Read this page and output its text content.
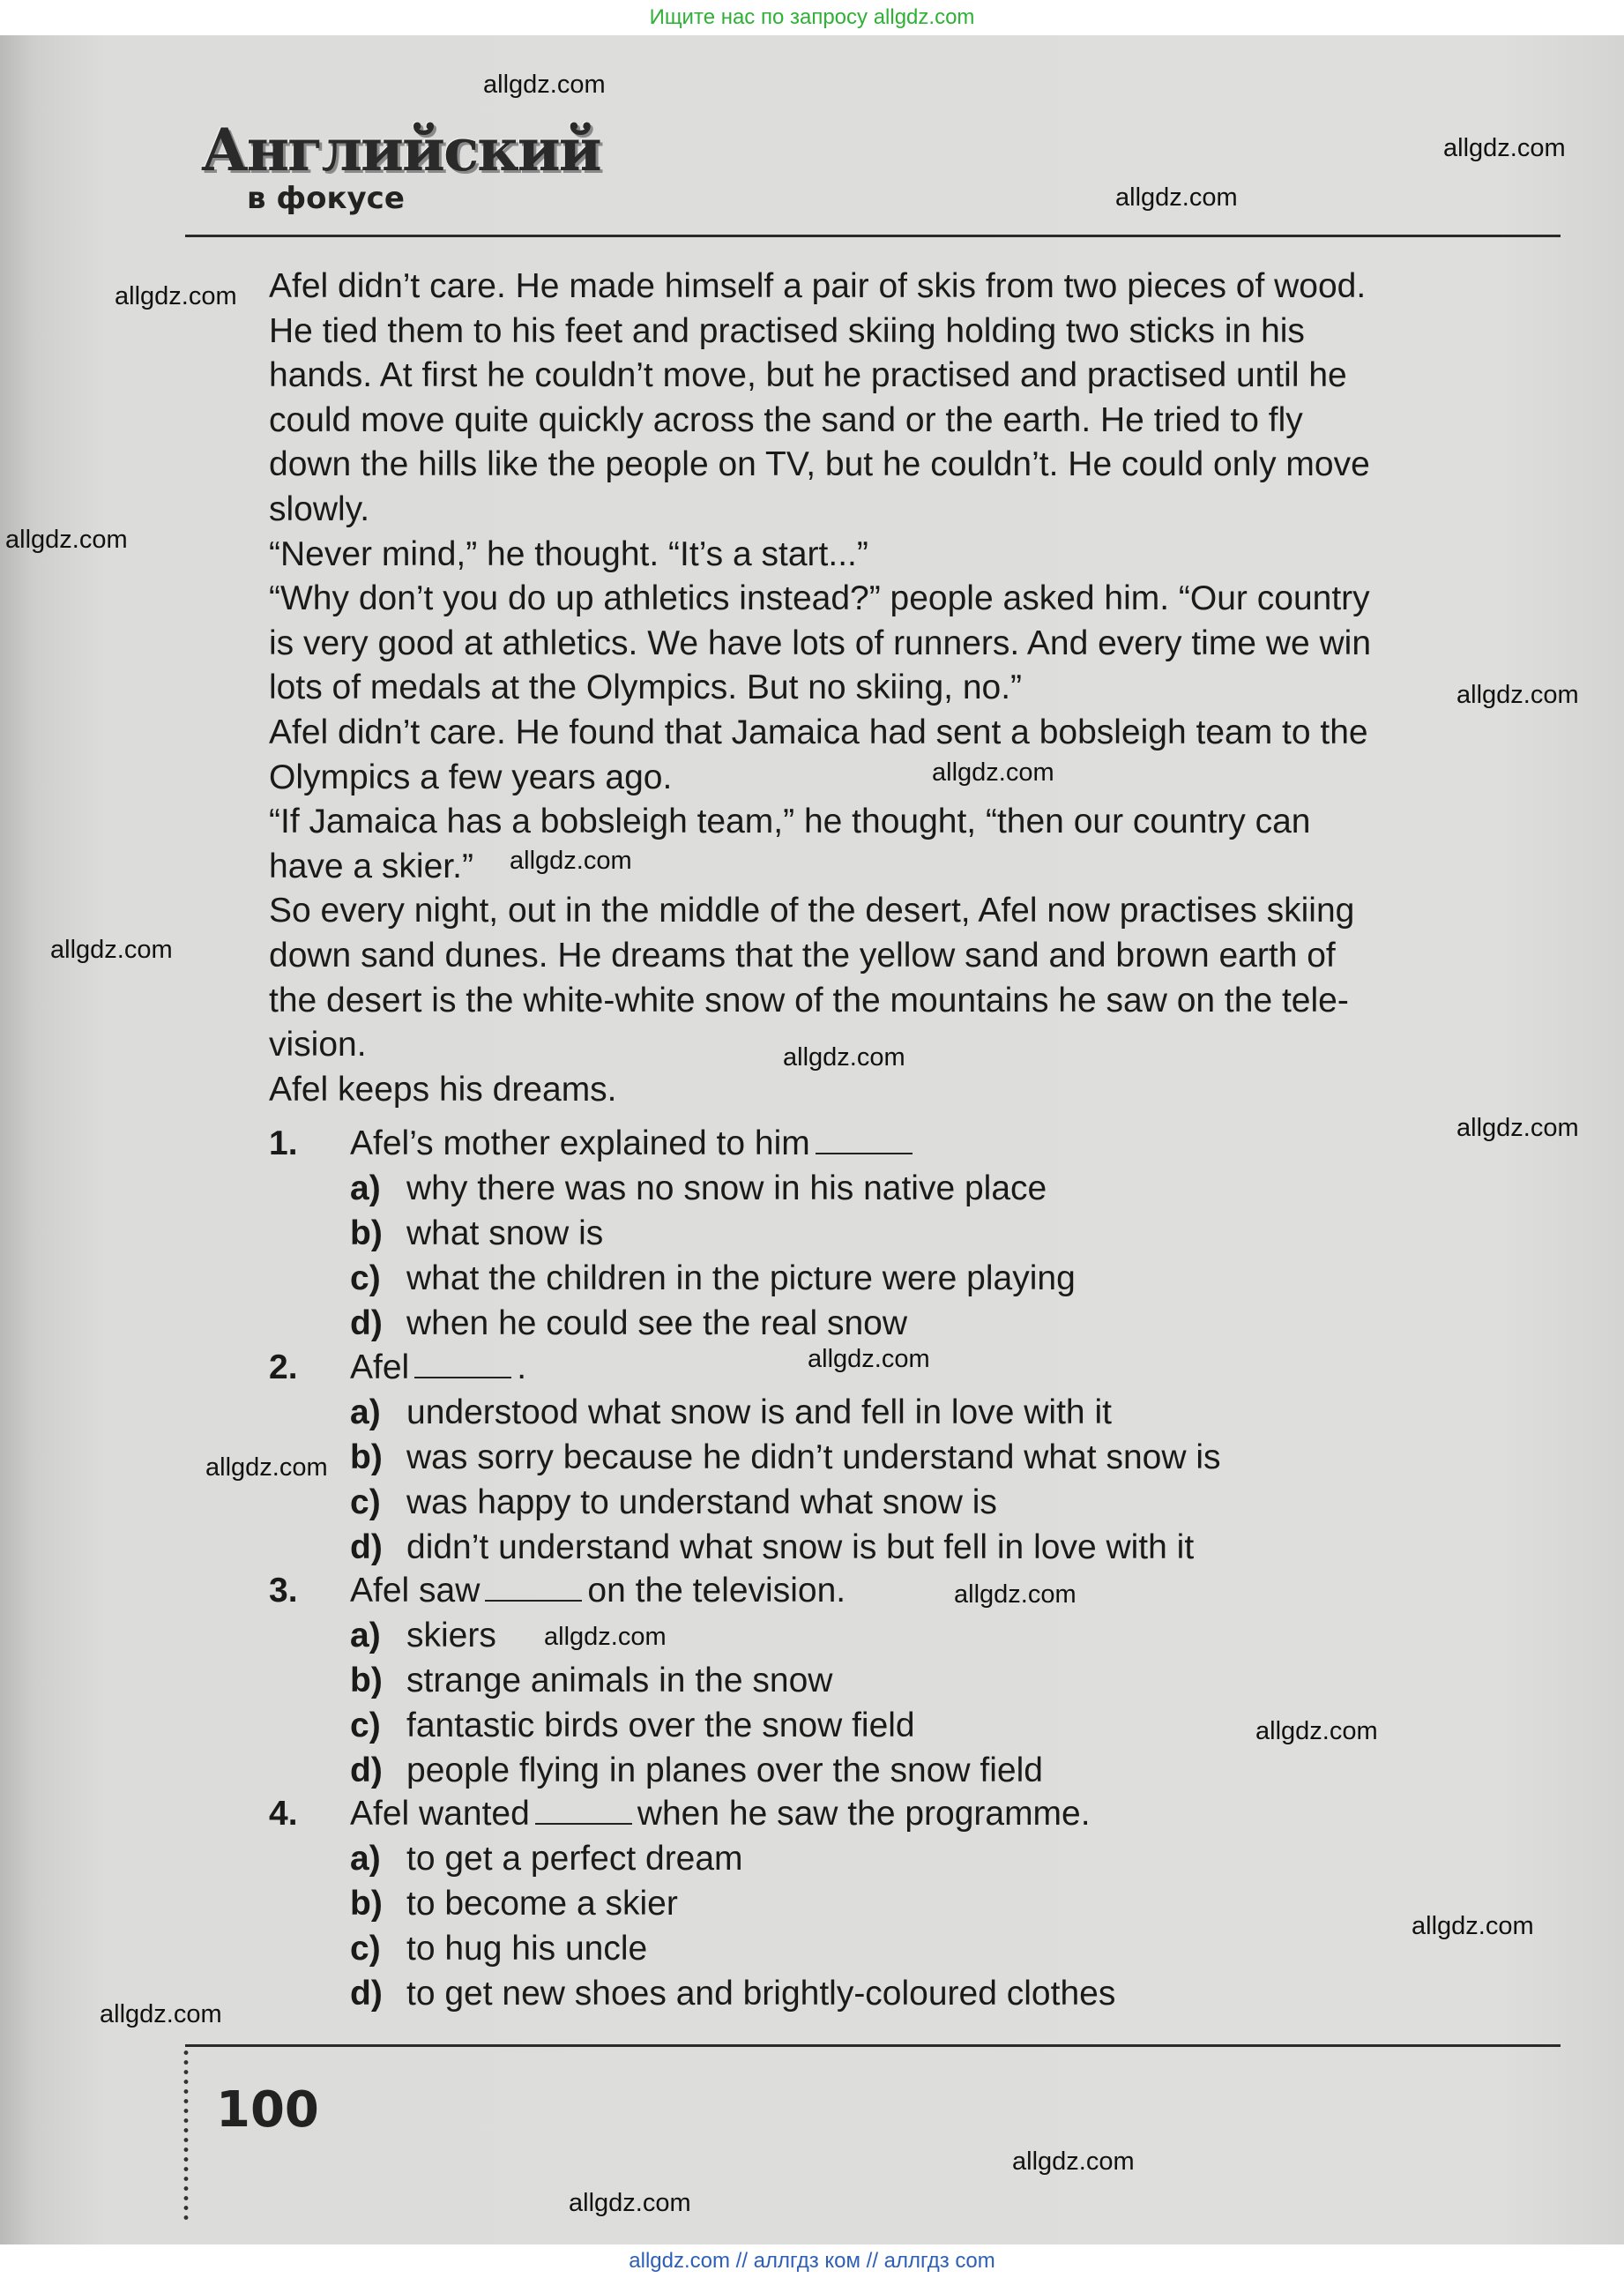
Ищите нас по запросу allgdz.com
Английский
в фокусе
Afel didn’t care. He made himself a pair of skis from two pieces of wood.
He tied them to his feet and practised skiing holding two sticks in his
hands. At first he couldn’t move, but he practised and practised until he
could move quite quickly across the sand or the earth. He tried to fly
down the hills like the people on TV, but he couldn’t. He could only move
slowly.
“Never mind,” he thought. “It’s a start...”
“Why don’t you do up athletics instead?” people asked him. “Our country
is very good at athletics. We have lots of runners. And every time we win
lots of medals at the Olympics. But no skiing, no.”
Afel didn’t care. He found that Jamaica had sent a bobsleigh team to the
Olympics a few years ago.
“If Jamaica has a bobsleigh team,” he thought, “then our country can
have a skier.”
So every night, out in the middle of the desert, Afel now practises skiing
down sand dunes. He dreams that the yellow sand and brown earth of
the desert is the white-white snow of the mountains he saw on the tele-
vision.
Afel keeps his dreams.
1. Afel’s mother explained to him
a) why there was no snow in his native place
b) what snow is
c) what the children in the picture were playing
d) when he could see the real snow
2. Afel	.
a) understood what snow is and fell in love with it
b) was sorry because he didn’t understand what snow is
c) was happy to understand what snow is
d) didn’t understand what snow is but fell in love with it
3. Afel saw	on the television.
a) skiers
b) strange animals in the snow
c) fantastic birds over the snow field
d) people flying in planes over the snow field
4. Afel wanted	when he saw the programme.
a) to get a perfect dream
b) to become a skier
c) to hug his uncle
d) to get new shoes and brightly-coloured clothes
100
allgdz.com
allgdz.com
allgdz.com
allgdz.com
allgdz.com
allgdz.com
allgdz.com
allgdz.com
allgdz.com
allgdz.com
allgdz.com
allgdz.com
allgdz.com
allgdz.com
allgdz.com
allgdz.com
allgdz.com
allgdz.com
allgdz.com
allgdz.com
allgdz.com // аллгдз ком // аллгдз com
